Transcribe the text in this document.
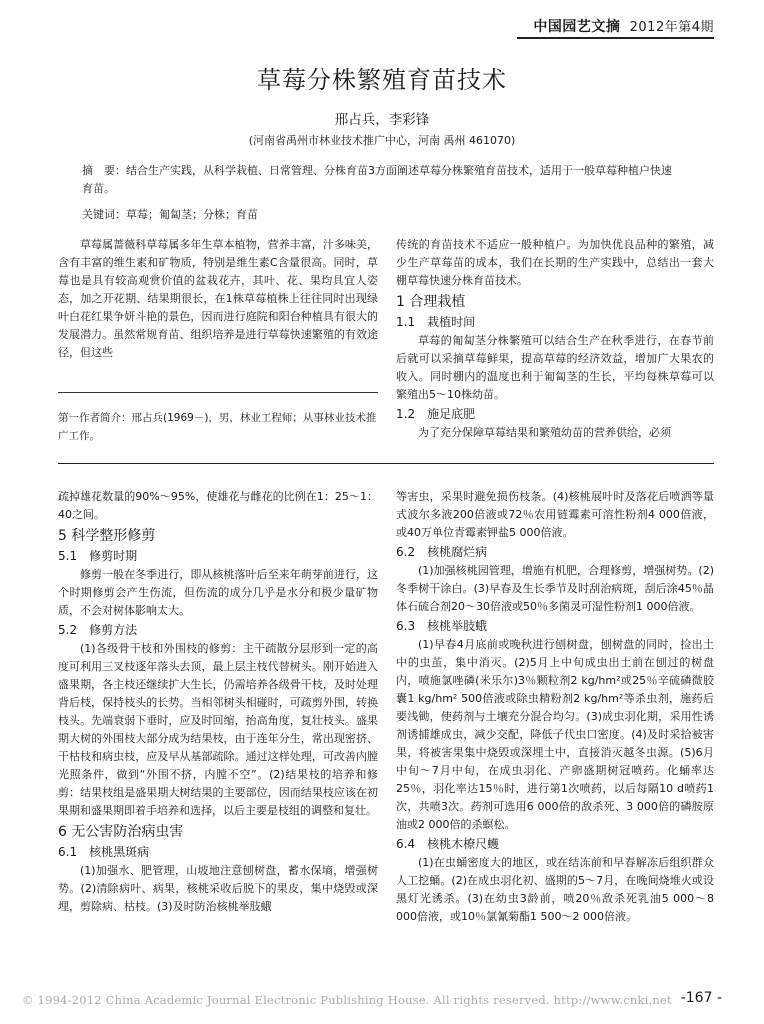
中国园艺文摘 2012年第4期
草莓分株繁殖育苗技术
邢占兵，李彩锋
(河南省禹州市林业技术推广中心，河南 禹州 461070)
摘　要：结合生产实践，从科学栽植、日常管理、分株育苗3方面阐述草莓分株繁殖育苗技术，适用于一般草莓种植户快速育苗。
关键词：草莓；匍匐茎；分株；育苗

草莓属蔷薇科草莓属多年生草本植物，营养丰富，汁多味美，含有丰富的维生素和矿物质，特别是维生素C含量很高。同时，草莓也是具有较高观赏价值的盆栽花卉，其叶、花、果均具宜人姿态，加之开花期、结果期很长，在1株草莓植株上往往同时出现绿叶白花红果争妍斗艳的景色，因而进行庭院和阳台种植具有很大的发展潜力。虽然常规育苗、组织培养是进行草莓快速繁殖的有效途径，但这些

第一作者简介：邢占兵(1969－)，男，林业工程师；从事林业技术推广工作。

传统的育苗技术不适应一般种植户。为加快优良品种的繁殖，减少生产草莓苗的成本，我们在长期的生产实践中，总结出一套大棚草莓快速分株育苗技术。

1 合理栽植
1.1　栽植时间

草莓的匍匐茎分株繁殖可以结合生产在秋季进行，在春节前后就可以采摘草莓鲜果，提高草莓的经济效益，增加广大果农的收入。同时棚内的温度也利于匍匐茎的生长，平均每株草莓可以繁殖出5～10株幼苗。

1.2　施足底肥

为了充分保障草莓结果和繁殖幼苗的营养供给，必须

疏掉雄花数量的90%～95%，使雄花与雌花的比例在1：25～1：40之间。

5 科学整形修剪
5.1　修剪时期

修剪一般在冬季进行，即从核桃落叶后至来年萌芽前进行，这个时期修剪会产生伤流，但伤流的成分几乎是水分和极少量矿物质，不会对树体影响太大。

5.2　修剪方法

(1)各级骨干枝和外围枝的修剪：主干疏散分层形到一定的高度可利用三叉枝逐年落头去顶，最上层主枝代替树头。刚开始进入盛果期，各主枝还继续扩大生长，仍需培养各级骨干枝，及时处理背后枝，保持枝头的长势。当相邻树头相碰时，可疏剪外围，转换枝头。先端衰弱下垂时，应及时回缩，抬高角度，复壮枝头。盛果期大树的外围枝大部分成为结果枝，由于连年分生，常出现密挤、干枯枝和病虫枝，应及早从基部疏除。通过这样处理，可改善内膛光照条件，做到“外围不挤，内膛不空”。(2)结果枝的培养和修剪：结果枝组是盛果期大树结果的主要部位，因而结果枝应该在初果期和盛果期即着手培养和选择，以后主要是枝组的调整和复壮。

6 无公害防治病虫害
6.1　核桃黑斑病

(1)加强水、肥管理，山坡地注意刨树盘，蓄水保墒，增强树势。(2)清除病叶、病果，核桃采收后脱下的果皮，集中烧毁或深埋，剪除病、枯枝。(3)及时防治核桃举肢蛾

等害虫，采果时避免损伤枝条。(4)核桃展叶时及落花后喷洒等量式波尔多液200倍液或72％农用链霉素可溶性粉剂4 000倍液，或40万单位青霉素钾盐5 000倍液。

6.2　核桃腐烂病

(1)加强核桃园管理，增施有机肥，合理修剪，增强树势。(2)冬季树干涂白。(3)早春及生长季节及时刮治病斑，刮后涂45％晶体石硫合剂20～30倍液或50％多菌灵可湿性粉剂1 000倍液。

6.3　核桃举肢蛾

(1)早春4月底前或晚秋进行刨树盘，刨树盘的同时，捡出土中的虫茧，集中消灭。(2)5月上中旬成虫出土前在刨过的树盘内，喷施氯唑磷(米乐尔)3％颗粒剂2 kg/hm²或25％辛硫磷微胶囊1 kg/hm² 500倍液或除虫精粉剂2 kg/hm²等杀虫剂，施药后要浅锄，使药剂与土壤充分混合均匀。(3)成虫羽化期，采用性诱剂诱捕雄成虫，减少交配，降低子代虫口密度。(4)及时采拾被害果，将被害果集中烧毁或深埋土中，直接消灭越冬虫源。(5)6月中旬～7月中旬，在成虫羽化、产卵盛期树冠喷药。化蛹率达25％，羽化率达15％时，进行第1次喷药，以后每隔10 d喷药1次，共喷3次。药剂可选用6 000倍的敌杀死、3 000倍的磷胺原油或2 000倍的杀螟松。

6.4　核桃木橑尺蠖

(1)在虫蛹密度大的地区，或在结冻前和早春解冻后组织群众人工挖蛹。(2)在成虫羽化初、盛期的5～7月，在晚间烧堆火或设黑灯光诱杀。(3)在幼虫3龄前，喷20％敌杀死乳油5 000～8 000倍液，或10％氯氰菊酯1 500～2 000倍液。

© 1994-2012 China Academic Journal Electronic Publishing House. All rights reserved. http://www.cnki.net -167 -
